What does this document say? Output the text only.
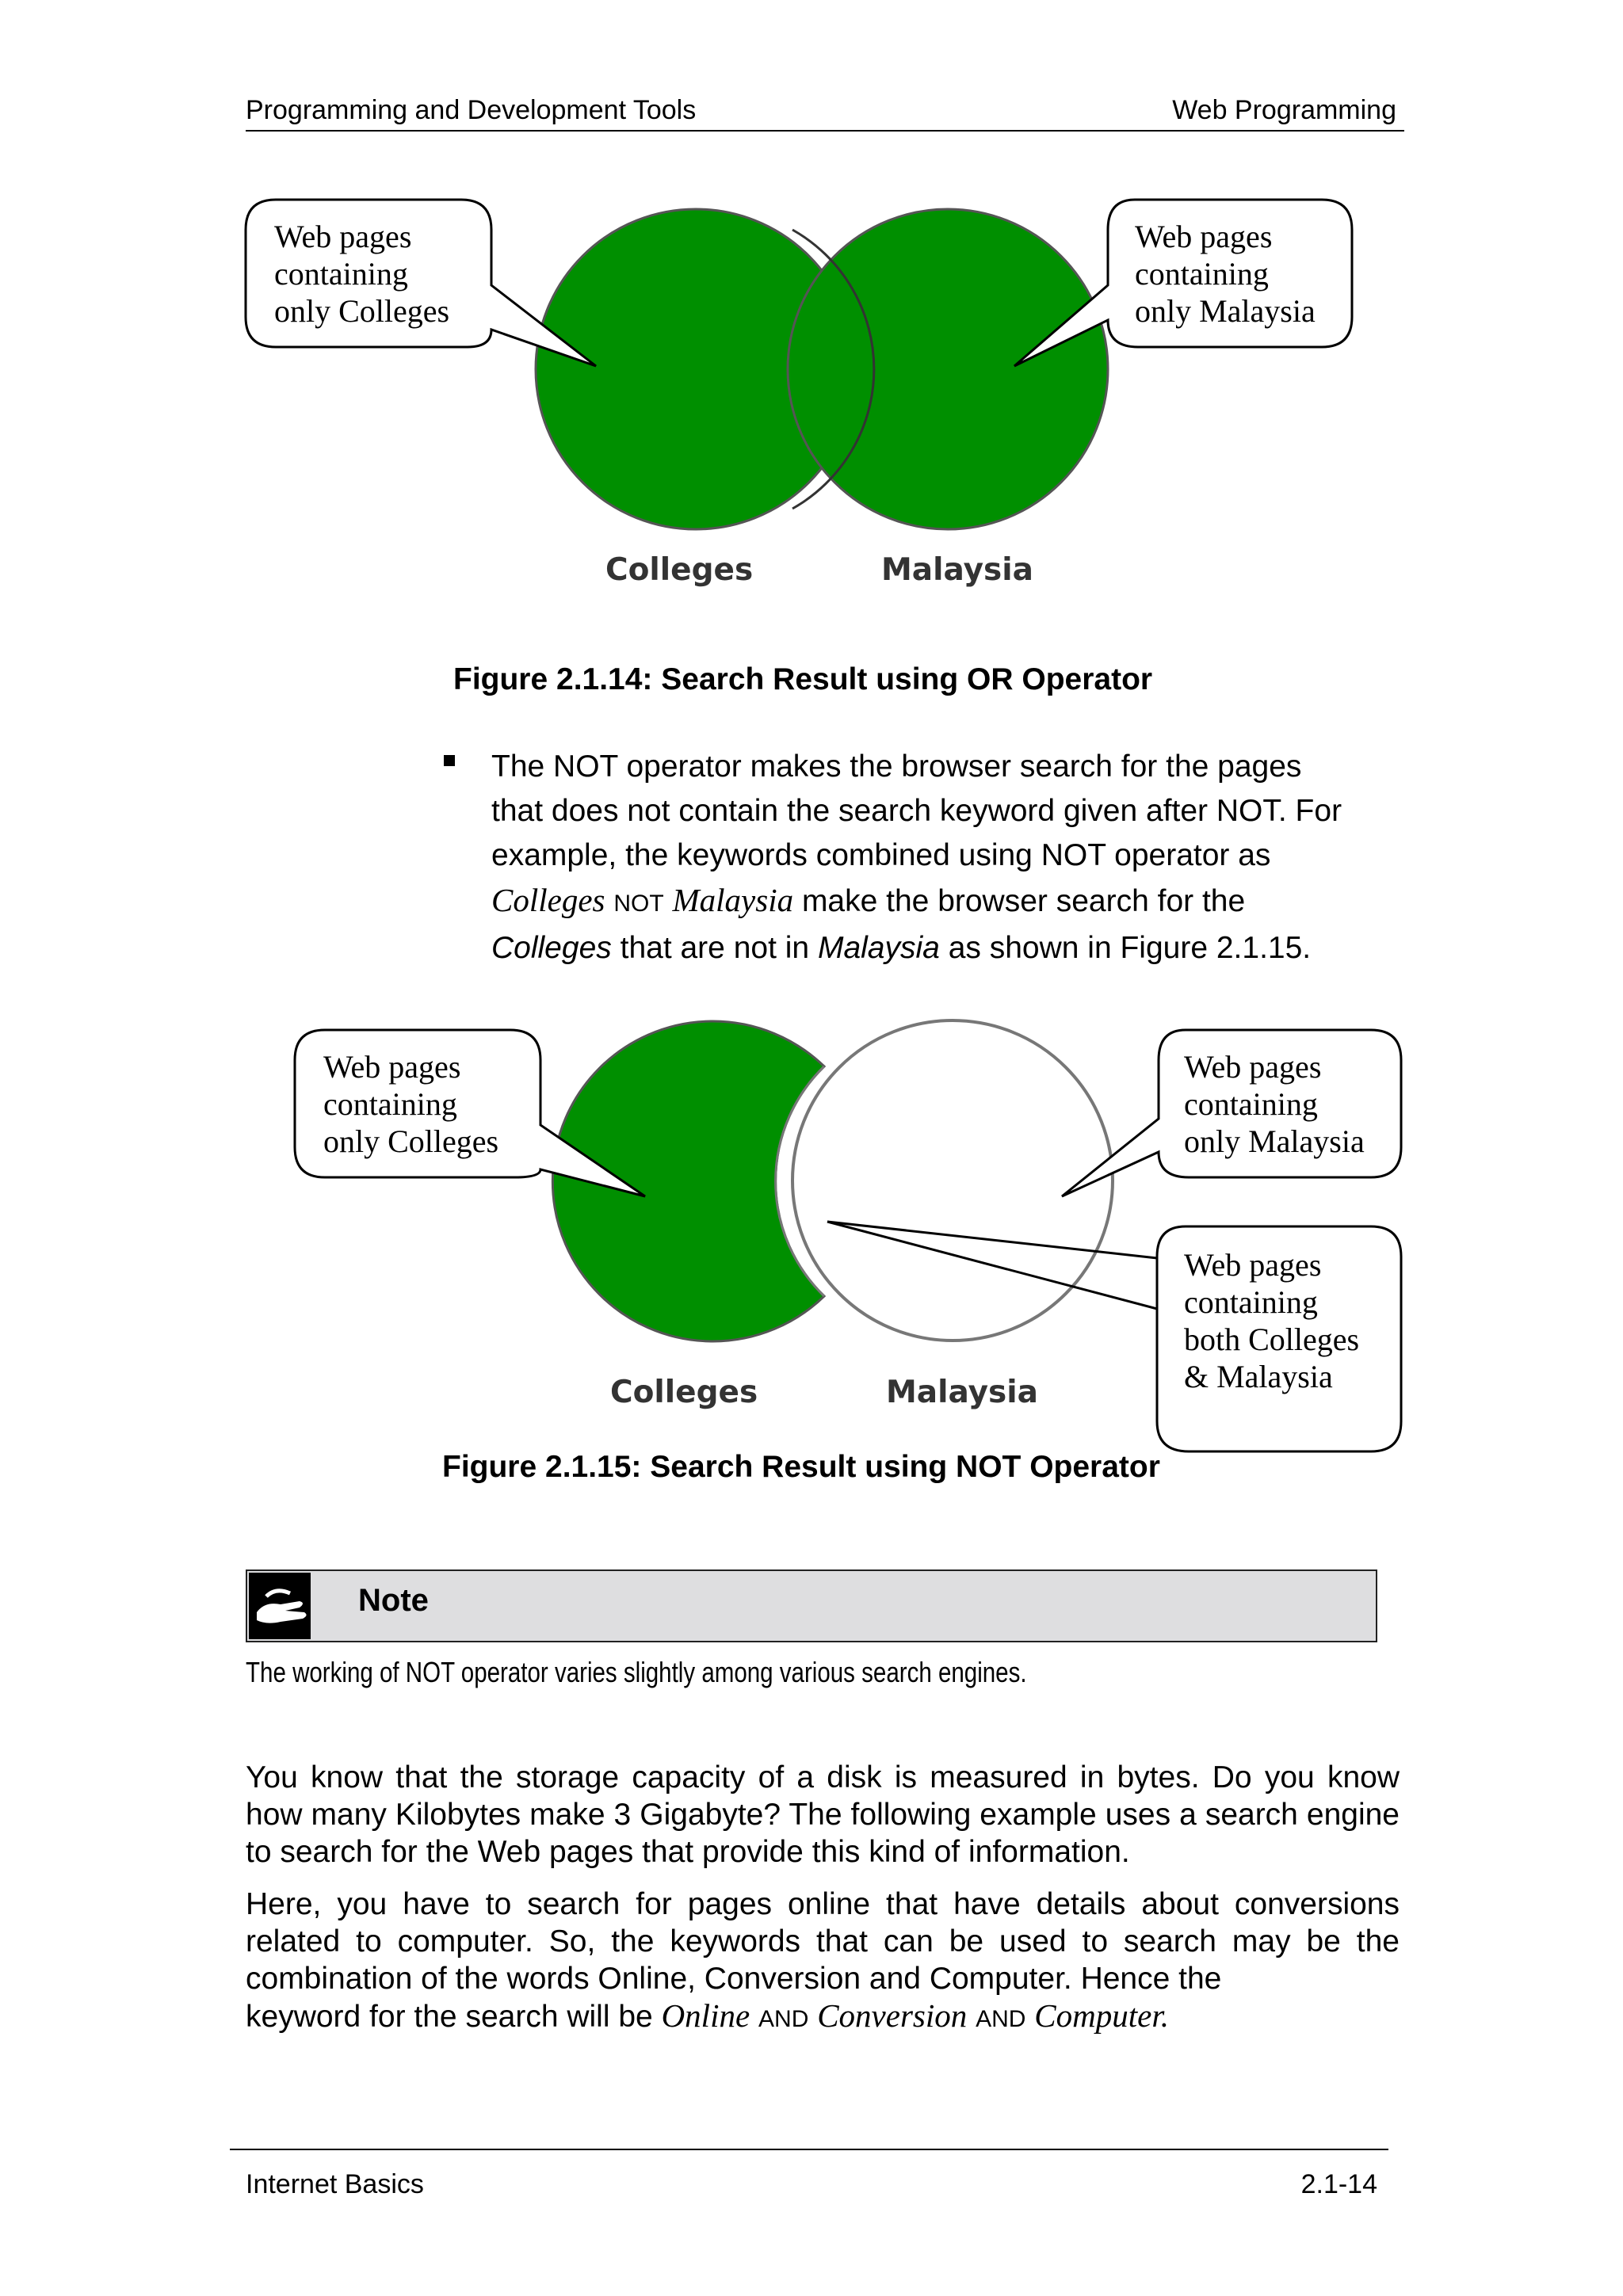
Programming and Development Tools	Web Programming
Web pages
containing
only Colleges
Web pages
containing
only Malaysia
Colleges	Malaysia
Figure 2.1.14: Search Result using OR Operator
The NOT operator makes the browser search for the pages
that does not contain the search keyword given after NOT. For
example, the keywords combined using NOT operator as
Colleges NOT Malaysia make the browser search for the
Colleges that are not in Malaysia as shown in Figure 2.1.15.
Web pages
containing
only Colleges
Web pages
containing
only Malaysia
Web pages
containing
both Colleges
& Malaysia
Colleges	Malaysia
Figure 2.1.15: Search Result using NOT Operator
Note
The working of NOT operator varies slightly among various search engines.
You know that the storage capacity of a disk is measured in bytes. Do you know how many Kilobytes make 3 Gigabyte? The following example uses a search engine to search for the Web pages that provide this kind of information.
Here, you have to search for pages online that have details about conversions related to computer. So, the keywords that can be used to search may be the combination of the words Online, Conversion and Computer. Hence the
keyword for the search will be Online AND Conversion AND Computer.
Internet Basics	2.1-14
